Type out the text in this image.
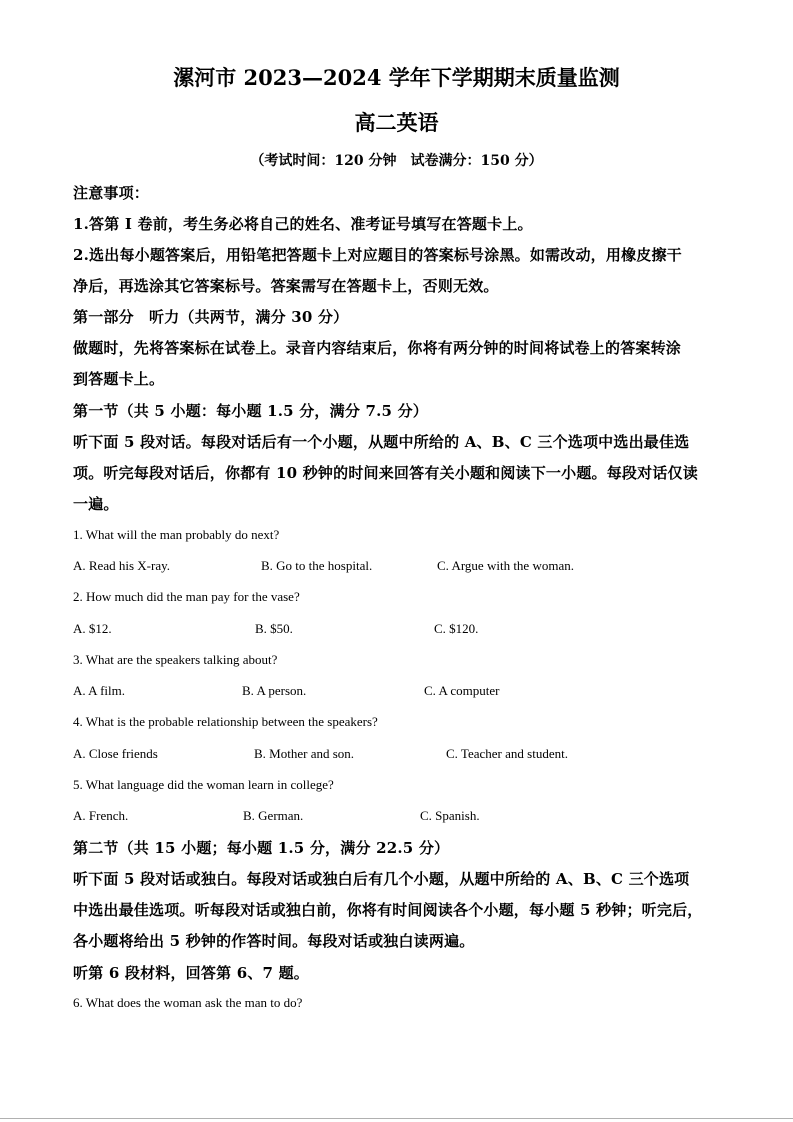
漯河市 2023—2024 学年下学期期末质量监测
高二英语
（考试时间：120 分钟　试卷满分：150 分）
注意事项：
1.答第 I 卷前，考生务必将自己的姓名、准考证号填写在答题卡上。
2.选出每小题答案后，用铅笔把答题卡上对应题目的答案标号涂黑。如需改动，用橡皮擦干
净后，再选涂其它答案标号。答案需写在答题卡上，否则无效。
第一部分　听力（共两节，满分 30 分）
做题时，先将答案标在试卷上。录音内容结束后，你将有两分钟的时间将试卷上的答案转涂
到答题卡上。
第一节（共 5 小题：每小题 1.5 分，满分 7.5 分）
听下面 5 段对话。每段对话后有一个小题，从题中所给的 A、B、C 三个选项中选出最佳选
项。听完每段对话后，你都有 10 秒钟的时间来回答有关小题和阅读下一小题。每段对话仅读
一遍。
1. What will the man probably do next?
A. Read his X-ray.	B. Go to the hospital.	C. Argue with the woman.
2. How much did the man pay for the vase?
A. $12.	B. $50.	C. $120.
3. What are the speakers talking about?
A. A film.	B. A person.	C. A computer
4. What is the probable relationship between the speakers?
A. Close friends	B. Mother and son.	C. Teacher and student.
5. What language did the woman learn in college?
A. French.	B. German.	C. Spanish.
第二节（共 15 小题；每小题 1.5 分，满分 22.5 分）
听下面 5 段对话或独白。每段对话或独白后有几个小题，从题中所给的 A、B、C 三个选项
中选出最佳选项。听每段对话或独白前，你将有时间阅读各个小题，每小题 5 秒钟；听完后，
各小题将给出 5 秒钟的作答时间。每段对话或独白读两遍。
听第 6 段材料，回答第 6、7 题。
6. What does the woman ask the man to do?
